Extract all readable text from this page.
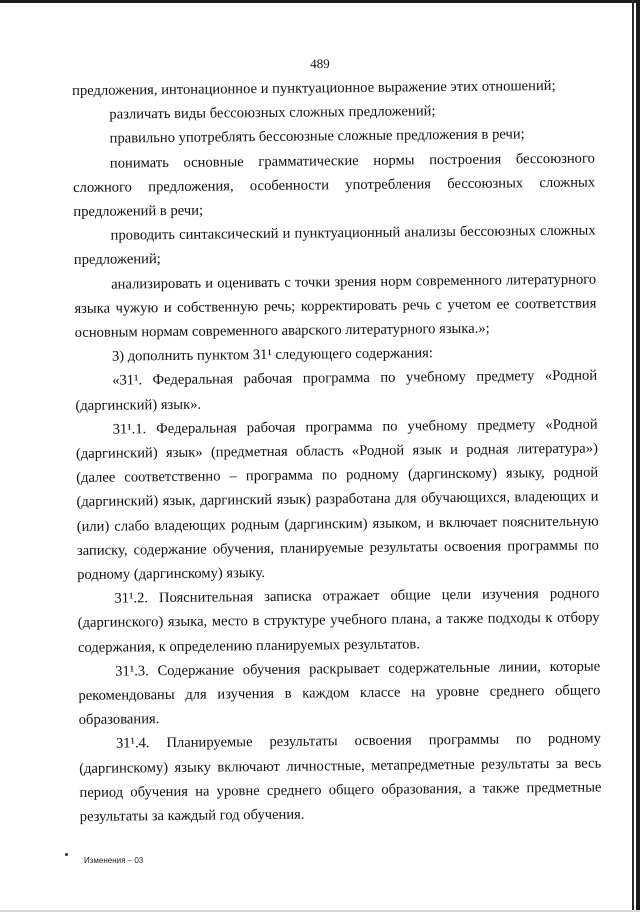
489

предложения, интонационное и пунктуационное выражение этих отношений;

различать виды бессоюзных сложных предложений;

правильно употреблять бессоюзные сложные предложения в речи;

понимать основные грамматические нормы построения бессоюзного сложного предложения, особенности употребления бессоюзных сложных предложений в речи;

проводить синтаксический и пунктуационный анализы бессоюзных сложных предложений;

анализировать и оценивать с точки зрения норм современного литературного языка чужую и собственную речь; корректировать речь с учетом ее соответствия основным нормам современного аварского литературного языка.»;

3) дополнить пунктом 31¹ следующего содержания:

«31¹. Федеральная рабочая программа по учебному предмету «Родной (даргинский) язык».

31¹.1. Федеральная рабочая программа по учебному предмету «Родной (даргинский) язык» (предметная область «Родной язык и родная литература») (далее соответственно – программа по родному (даргинскому) языку, родной (даргинский) язык, даргинский язык) разработана для обучающихся, владеющих и (или) слабо владеющих родным (даргинским) языком, и включает пояснительную записку, содержание обучения, планируемые результаты освоения программы по родному (даргинскому) языку.

31¹.2. Пояснительная записка отражает общие цели изучения родного (даргинского) языка, место в структуре учебного плана, а также подходы к отбору содержания, к определению планируемых результатов.

31¹.3. Содержание обучения раскрывает содержательные линии, которые рекомендованы для изучения в каждом классе на уровне среднего общего образования.

31¹.4. Планируемые результаты освоения программы по родному (даргинскому) языку включают личностные, метапредметные результаты за весь период обучения на уровне среднего общего образования, а также предметные результаты за каждый год обучения.

Изменения – 03
